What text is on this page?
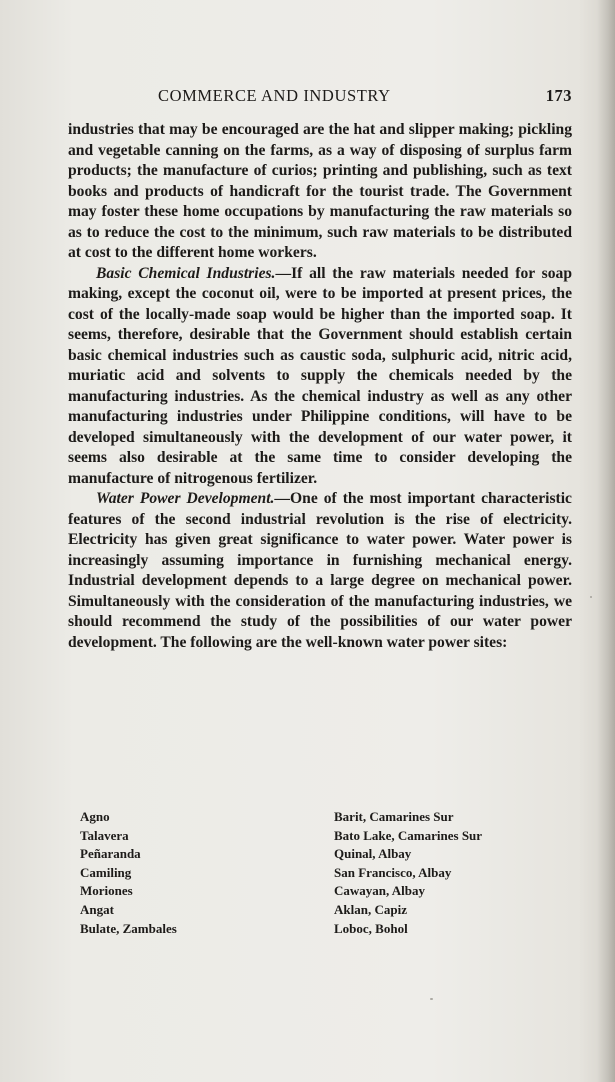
COMMERCE AND INDUSTRY	173

industries that may be encouraged are the hat and slipper making; pickling and vegetable canning on the farms, as a way of disposing of surplus farm products; the manufacture of curios; printing and publishing, such as text books and products of handicraft for the tourist trade. The Government may foster these home occupations by manufacturing the raw materials so as to reduce the cost to the minimum, such raw materials to be distributed at cost to the different home workers.

Basic Chemical Industries.—If all the raw materials needed for soap making, except the coconut oil, were to be imported at present prices, the cost of the locally-made soap would be higher than the imported soap. It seems, therefore, desirable that the Government should establish certain basic chemical industries such as caustic soda, sulphuric acid, nitric acid, muriatic acid and solvents to supply the chemicals needed by the manufacturing industries. As the chemical industry as well as any other manufacturing industries under Philippine conditions, will have to be developed simultaneously with the development of our water power, it seems also desirable at the same time to consider developing the manufacture of nitrogenous fertilizer.

Water Power Development.—One of the most important characteristic features of the second industrial revolution is the rise of electricity. Electricity has given great significance to water power. Water power is increasingly assuming importance in furnishing mechanical energy. Industrial development depends to a large degree on mechanical power. Simultaneously with the consideration of the manufacturing industries, we should recommend the study of the possibilities of our water power development. The following are the well-known water power sites:

Agno
Talavera
Peñaranda
Camiling
Moriones
Angat
Bulate, Zambales
Barit, Camarines Sur
Bato Lake, Camarines Sur
Quinal, Albay
San Francisco, Albay
Cawayan, Albay
Aklan, Capiz
Loboc, Bohol
